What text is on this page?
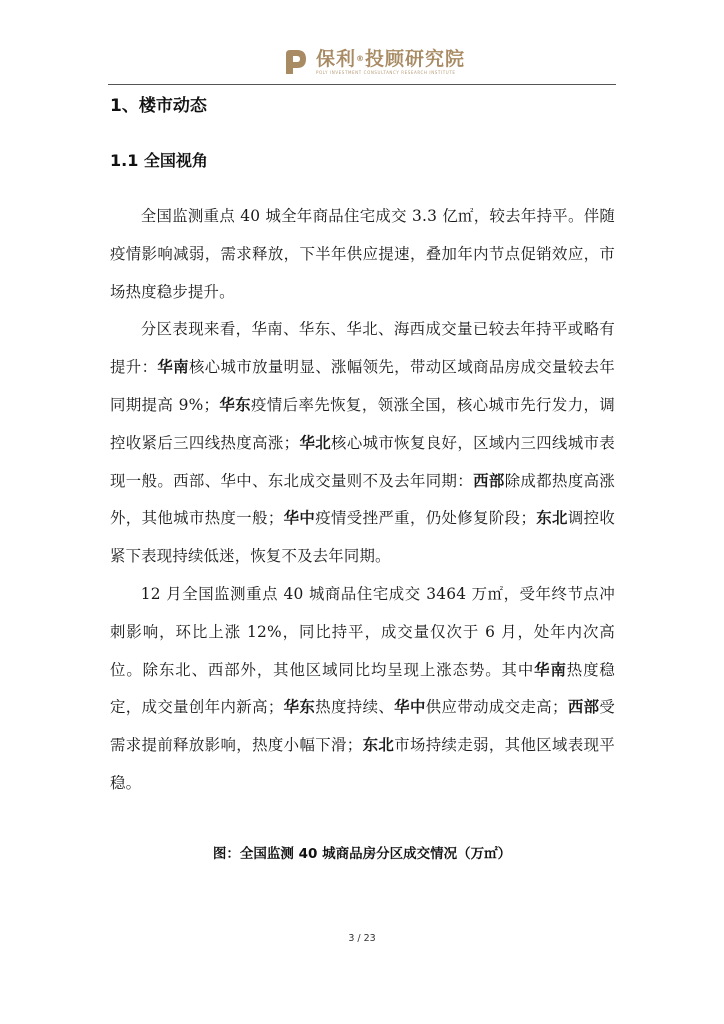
保利®投顾研究院
POLY INVESTMENT CONSULTANCY RESEARCH INSTITUTE
1、楼市动态
1.1 全国视角

全国监测重点 40 城全年商品住宅成交 3.3 亿㎡，较去年持平。伴随疫情影响减弱，需求释放，下半年供应提速，叠加年内节点促销效应，市场热度稳步提升。

分区表现来看，华南、华东、华北、海西成交量已较去年持平或略有提升：华南核心城市放量明显、涨幅领先，带动区域商品房成交量较去年同期提高 9%；华东疫情后率先恢复，领涨全国，核心城市先行发力，调控收紧后三四线热度高涨；华北核心城市恢复良好，区域内三四线城市表现一般。西部、华中、东北成交量则不及去年同期：西部除成都热度高涨外，其他城市热度一般；华中疫情受挫严重，仍处修复阶段；东北调控收紧下表现持续低迷，恢复不及去年同期。

12 月全国监测重点 40 城商品住宅成交 3464 万㎡，受年终节点冲刺影响，环比上涨 12%，同比持平，成交量仅次于 6 月，处年内次高位。除东北、西部外，其他区域同比均呈现上涨态势。其中华南热度稳定，成交量创年内新高；华东热度持续、华中供应带动成交走高；西部受需求提前释放影响，热度小幅下滑；东北市场持续走弱，其他区域表现平稳。

图：全国监测 40 城商品房分区成交情况（万㎡）
3 / 23
